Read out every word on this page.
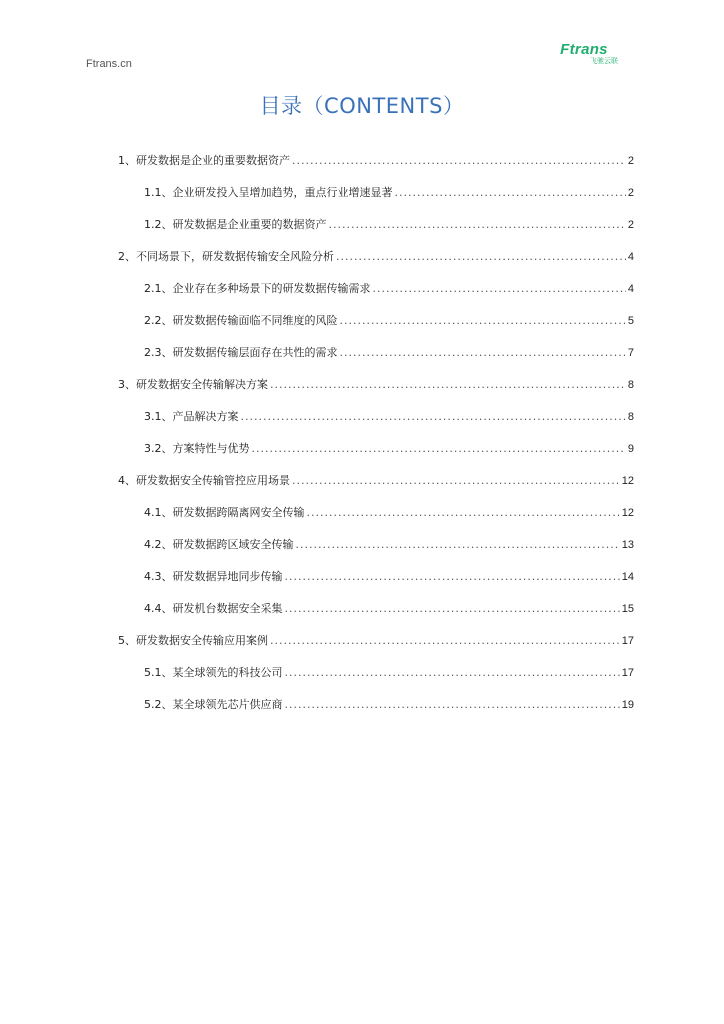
Ftrans.cn
Ftrans
飞驰云联
目录（CONTENTS）
1、研发数据是企业的重要数据资产 .....	2
1.1、企业研发投入呈增加趋势，重点行业增速显著 .....	2
1.2、研发数据是企业重要的数据资产 .....	2
2、不同场景下，研发数据传输安全风险分析 .....	4
2.1、企业存在多种场景下的研发数据传输需求 .....	4
2.2、研发数据传输面临不同维度的风险 .....	5
2.3、研发数据传输层面存在共性的需求 .....	7
3、研发数据安全传输解决方案 .....	8
3.1、产品解决方案 .....	8
3.2、方案特性与优势 .....	9
4、研发数据安全传输管控应用场景 .....	12
4.1、研发数据跨隔离网安全传输 .....	12
4.2、研发数据跨区域安全传输 .....	13
4.3、研发数据异地同步传输 .....	14
4.4、研发机台数据安全采集 .....	15
5、研发数据安全传输应用案例 .....	17
5.1、某全球领先的科技公司 .....	17
5.2、某全球领先芯片供应商 .....	19
